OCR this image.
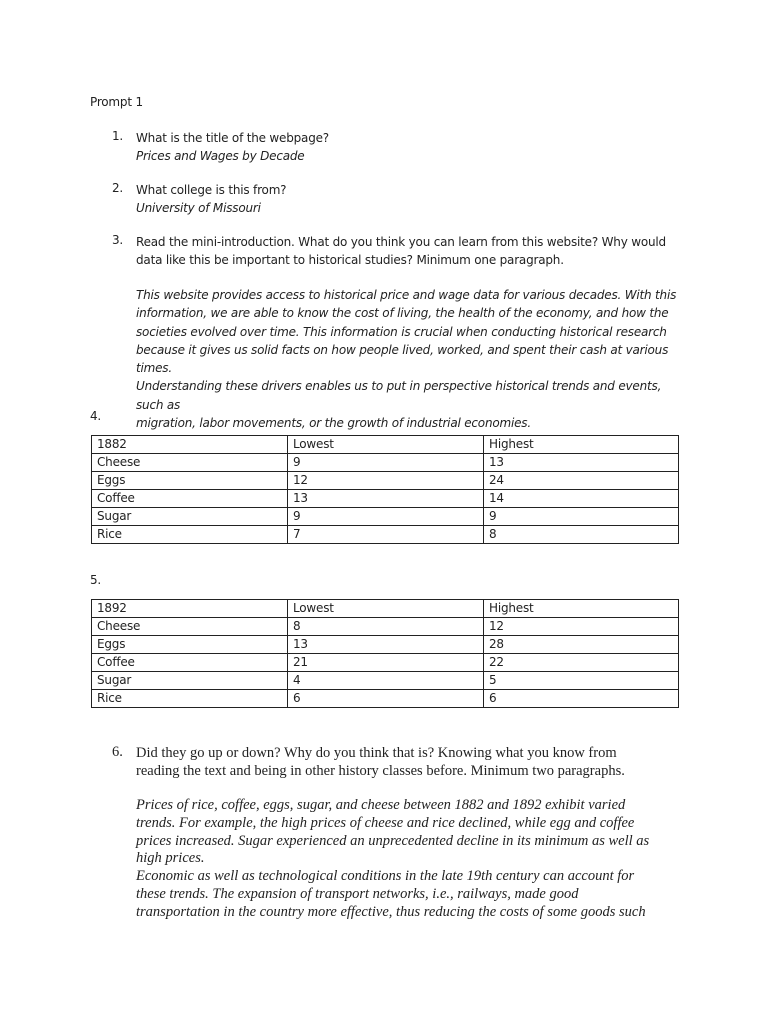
Prompt 1
1. What is the title of the webpage?
Prices and Wages by Decade
2. What college is this from?
University of Missouri
3. Read the mini-introduction. What do you think you can learn from this website? Why would
data like this be important to historical studies? Minimum one paragraph.
This website provides access to historical price and wage data for various decades. With this
information, we are able to know the cost of living, the health of the economy, and how the
societies evolved over time. This information is crucial when conducting historical research
because it gives us solid facts on how people lived, worked, and spent their cash at various times.
Understanding these drivers enables us to put in perspective historical trends and events, such as
migration, labor movements, or the growth of industrial economies.
4.
1882	Lowest	Highest
Cheese	9	13
Eggs	12	24
Coffee	13	14
Sugar	9	9
Rice	7	8
5.
1892	Lowest	Highest
Cheese	8	12
Eggs	13	28
Coffee	21	22
Sugar	4	5
Rice	6	6
6. Did they go up or down? Why do you think that is? Knowing what you know from
reading the text and being in other history classes before. Minimum two paragraphs.
Prices of rice, coffee, eggs, sugar, and cheese between 1882 and 1892 exhibit varied
trends. For example, the high prices of cheese and rice declined, while egg and coffee
prices increased. Sugar experienced an unprecedented decline in its minimum as well as
high prices.
Economic as well as technological conditions in the late 19th century can account for
these trends. The expansion of transport networks, i.e., railways, made good
transportation in the country more effective, thus reducing the costs of some goods such
